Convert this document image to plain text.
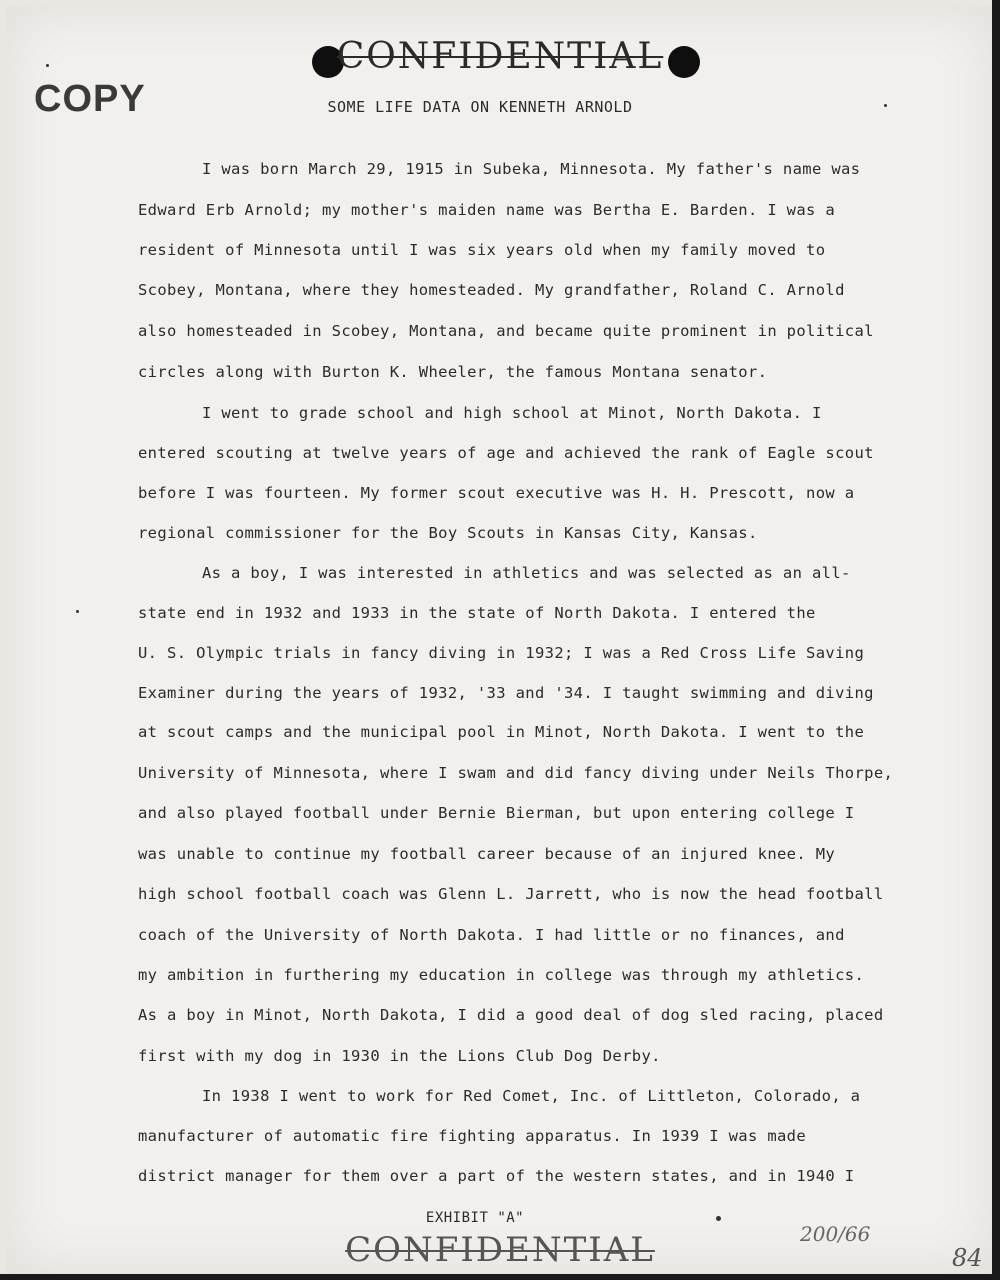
COPY
CONFIDENTIAL
SOME LIFE DATA ON KENNETH ARNOLD
I was born March 29, 1915 in Subeka, Minnesota. My father's name was
Edward Erb Arnold; my mother's maiden name was Bertha E. Barden. I was a
resident of Minnesota until I was six years old when my family moved to
Scobey, Montana, where they homesteaded. My grandfather, Roland C. Arnold
also homesteaded in Scobey, Montana, and became quite prominent in political
circles along with Burton K. Wheeler, the famous Montana senator.
I went to grade school and high school at Minot, North Dakota. I
entered scouting at twelve years of age and achieved the rank of Eagle scout
before I was fourteen. My former scout executive was H. H. Prescott, now a
regional commissioner for the Boy Scouts in Kansas City, Kansas.
As a boy, I was interested in athletics and was selected as an all-
state end in 1932 and 1933 in the state of North Dakota. I entered the
U. S. Olympic trials in fancy diving in 1932; I was a Red Cross Life Saving
Examiner during the years of 1932, '33 and '34. I taught swimming and diving
at scout camps and the municipal pool in Minot, North Dakota. I went to the
University of Minnesota, where I swam and did fancy diving under Neils Thorpe,
and also played football under Bernie Bierman, but upon entering college I
was unable to continue my football career because of an injured knee. My
high school football coach was Glenn L. Jarrett, who is now the head football
coach of the University of North Dakota. I had little or no finances, and
my ambition in furthering my education in college was through my athletics.
As a boy in Minot, North Dakota, I did a good deal of dog sled racing, placed
first with my dog in 1930 in the Lions Club Dog Derby.
In 1938 I went to work for Red Comet, Inc. of Littleton, Colorado, a
manufacturer of automatic fire fighting apparatus. In 1939 I was made
district manager for them over a part of the western states, and in 1940 I
EXHIBIT "A"
200/66
CONFIDENTIAL	84
